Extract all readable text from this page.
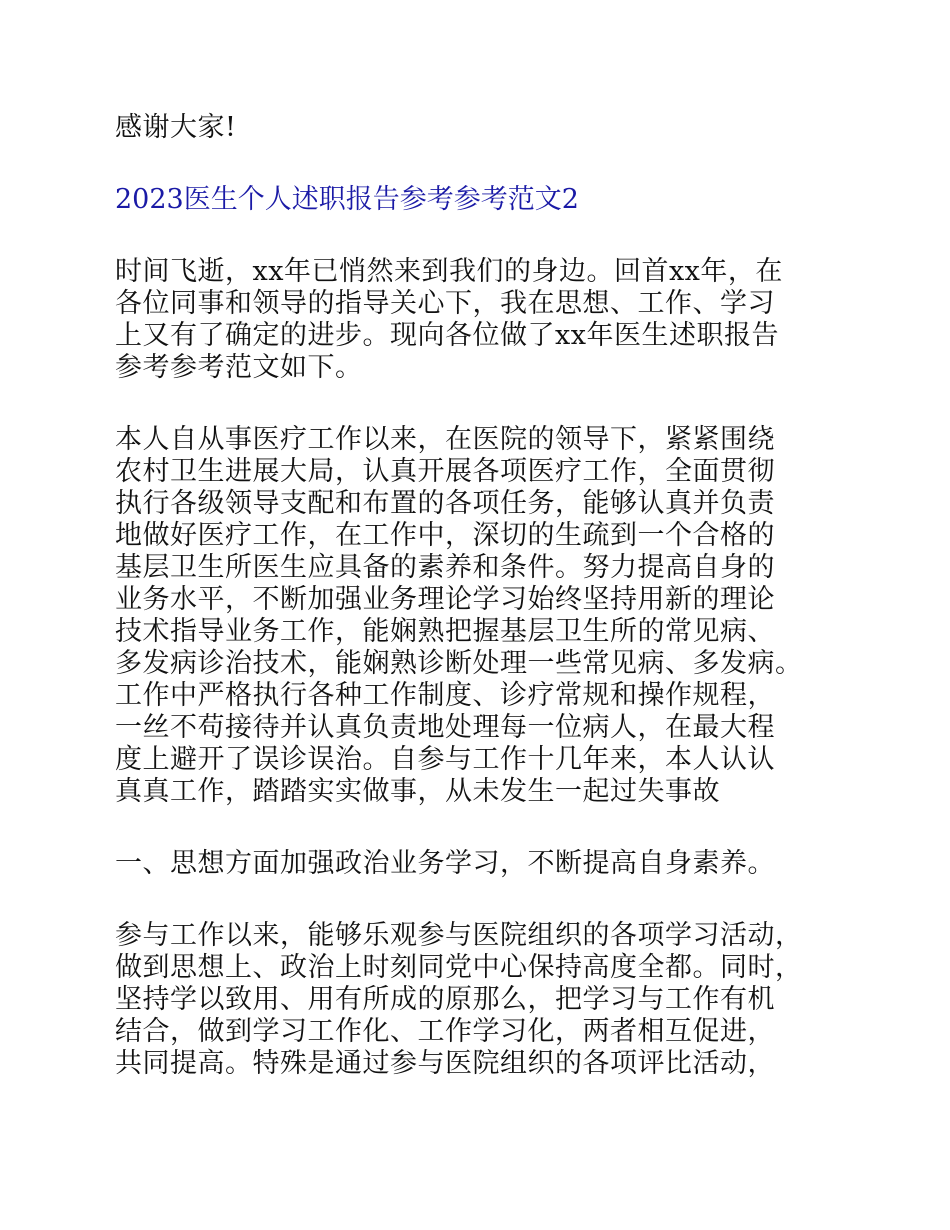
感谢大家!
2023医生个人述职报告参考参考范文2
时间飞逝，xx年已悄然来到我们的身边。回首xx年，在
各位同事和领导的指导关心下，我在思想、工作、学习
上又有了确定的进步。现向各位做了xx年医生述职报告
参考参考范文如下。
本人自从事医疗工作以来，在医院的领导下，紧紧围绕
农村卫生进展大局，认真开展各项医疗工作，全面贯彻
执行各级领导支配和布置的各项任务，能够认真并负责
地做好医疗工作，在工作中，深切的生疏到一个合格的
基层卫生所医生应具备的素养和条件。努力提高自身的
业务水平，不断加强业务理论学习始终坚持用新的理论
技术指导业务工作，能娴熟把握基层卫生所的常见病、
多发病诊治技术，能娴熟诊断处理一些常见病、多发病。
工作中严格执行各种工作制度、诊疗常规和操作规程，
一丝不苟接待并认真负责地处理每一位病人，在最大程
度上避开了误诊误治。自参与工作十几年来，本人认认
真真工作，踏踏实实做事，从未发生一起过失事故
一、思想方面加强政治业务学习，不断提高自身素养。
参与工作以来，能够乐观参与医院组织的各项学习活动，
做到思想上、政治上时刻同党中心保持高度全都。同时，
坚持学以致用、用有所成的原那么，把学习与工作有机
结合，做到学习工作化、工作学习化，两者相互促进，
共同提高。特殊是通过参与医院组织的各项评比活动，
